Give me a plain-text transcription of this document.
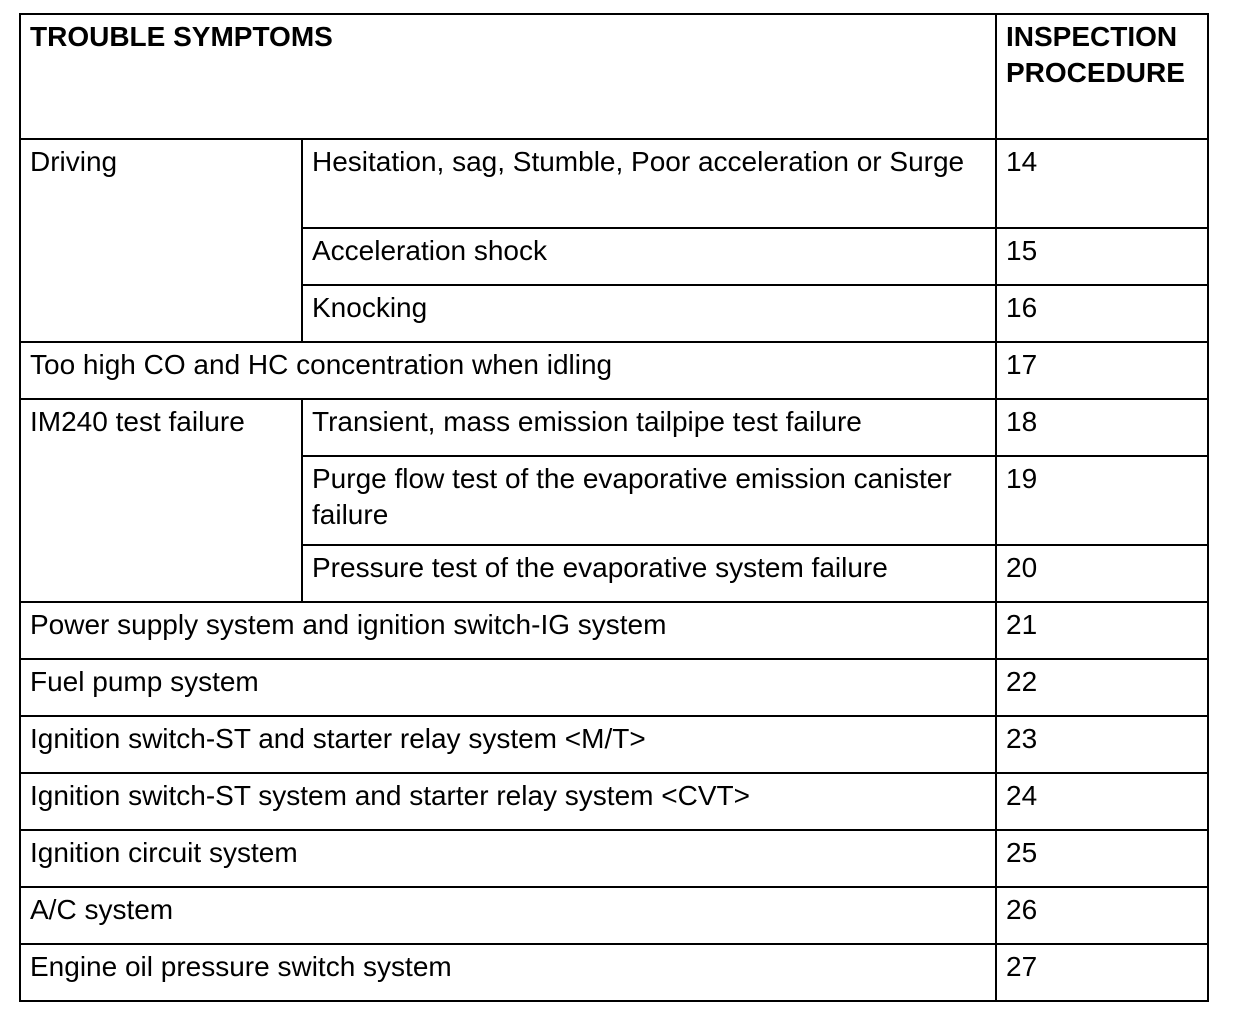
TROUBLE SYMPTOMS		INSPECTION PROCEDURE
Driving	Hesitation, sag, Stumble, Poor acceleration or Surge	14
	Acceleration shock	15
	Knocking	16
Too high CO and HC concentration when idling		17
IM240 test failure	Transient, mass emission tailpipe test failure	18
	Purge flow test of the evaporative emission canister failure	19
	Pressure test of the evaporative system failure	20
Power supply system and ignition switch-IG system		21
Fuel pump system		22
Ignition switch-ST and starter relay system <M/T>		23
Ignition switch-ST system and starter relay system <CVT>		24
Ignition circuit system		25
A/C system		26
Engine oil pressure switch system		27
